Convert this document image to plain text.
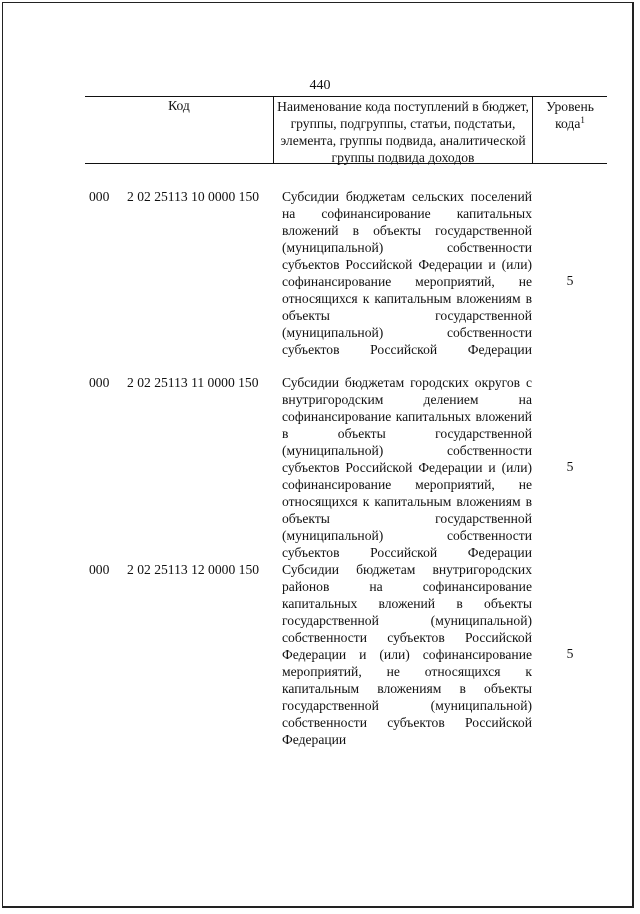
440
Код	Наименование кода поступлений в бюджет, группы, подгруппы, статьи, подстатьи, элемента, группы подвида, аналитической группы подвида доходов
Уровень
кода$^1$
000 2 02 25113 10 0000 150 Субсидии бюджетам сельских поселений на софинансирование капитальных вложений в объекты государственной (муниципальной) собственности субъектов Российской Федерации и (или) софинансирование мероприятий, не относящихся к капитальным вложениям в объекты государственной (муниципальной) собственности субъектов Российской Федерации
5
000 2 02 25113 11 0000 150 Субсидии бюджетам городских округов с внутригородским делением на софинансирование капитальных вложений в объекты государственной (муниципальной) собственности субъектов Российской Федерации и (или) софинансирование мероприятий, не относящихся к капитальным вложениям в объекты государственной (муниципальной) собственности субъектов Российской Федерации
5
000 2 02 25113 12 0000 150 Субсидии бюджетам внутригородских районов на софинансирование капитальных вложений в объекты государственной (муниципальной) собственности субъектов Российской Федерации и (или) софинансирование мероприятий, не относящихся к капитальным вложениям в объекты государственной (муниципальной) собственности субъектов Российской Федерации
5
